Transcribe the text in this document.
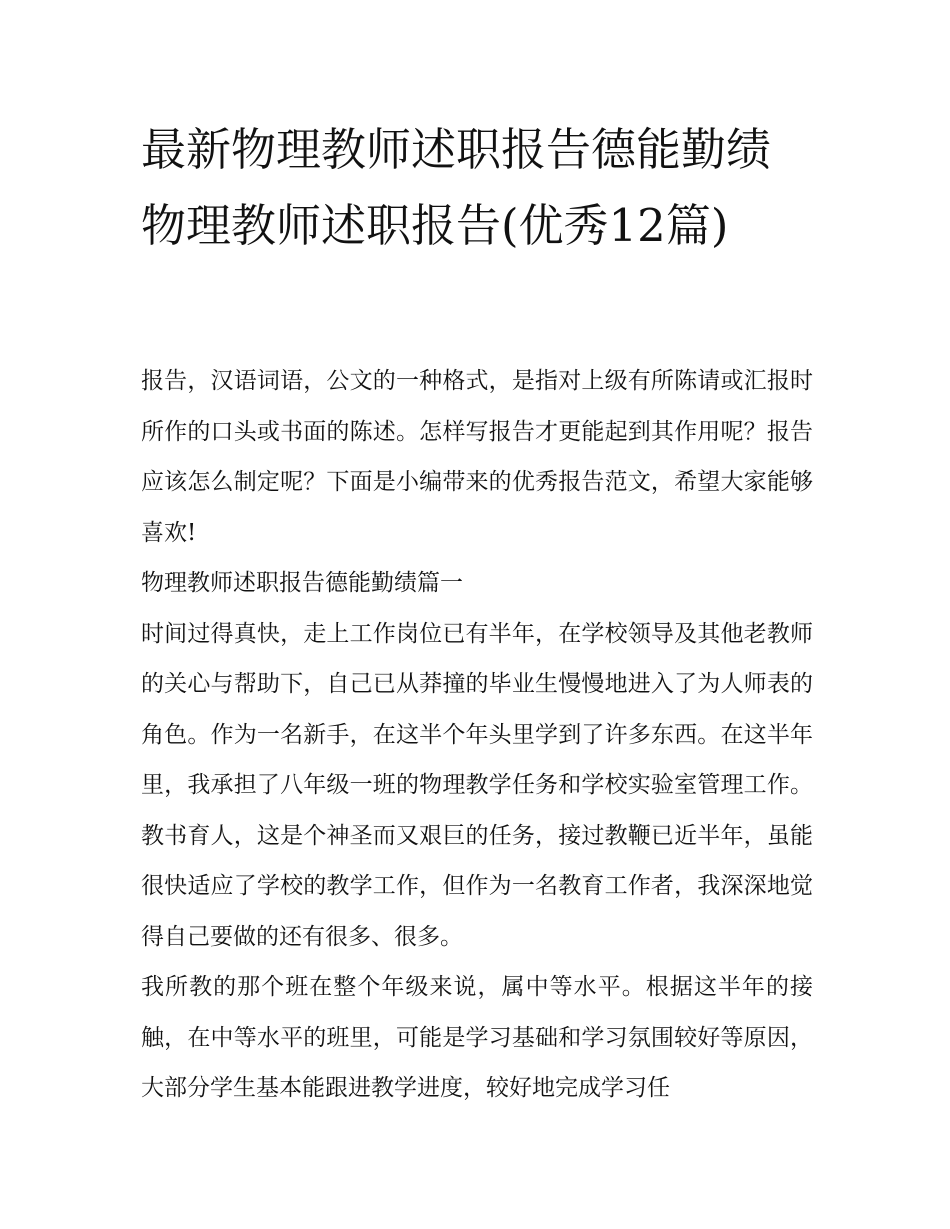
最新物理教师述职报告德能勤绩 物理教师述职报告(优秀12篇)

报告，汉语词语，公文的一种格式，是指对上级有所陈请或汇报时所作的口头或书面的陈述。怎样写报告才更能起到其作用呢？报告应该怎么制定呢？下面是小编带来的优秀报告范文，希望大家能够喜欢!

物理教师述职报告德能勤绩篇一

时间过得真快，走上工作岗位已有半年，在学校领导及其他老教师的关心与帮助下，自己已从莽撞的毕业生慢慢地进入了为人师表的角色。作为一名新手，在这半个年头里学到了许多东西。在这半年里，我承担了八年级一班的物理教学任务和学校实验室管理工作。教书育人，这是个神圣而又艰巨的任务，接过教鞭已近半年，虽能很快适应了学校的教学工作，但作为一名教育工作者，我深深地觉得自己要做的还有很多、很多。

我所教的那个班在整个年级来说，属中等水平。根据这半年的接触，在中等水平的班里，可能是学习基础和学习氛围较好等原因，大部分学生基本能跟进教学进度，较好地完成学习任
